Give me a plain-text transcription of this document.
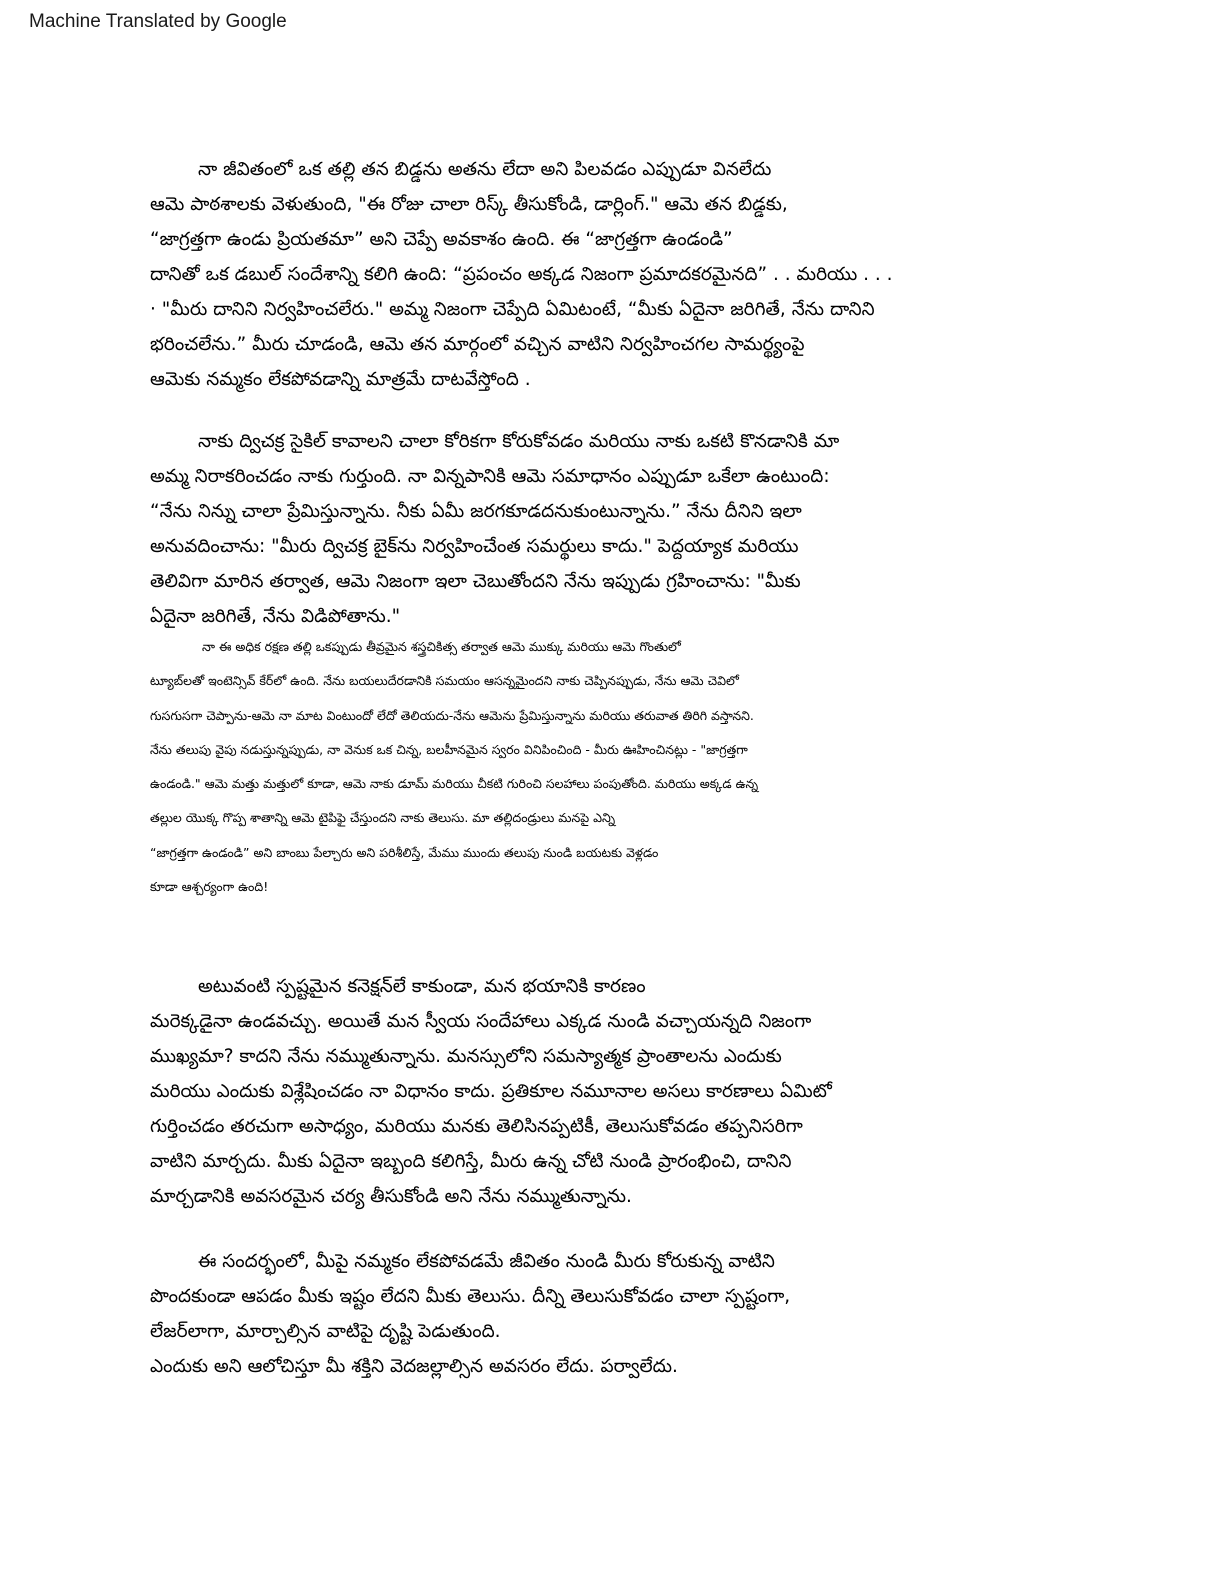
Machine Translated by Google
నా జీవితంలో ఒక తల్లి తన బిడ్డను అతను లేదా అని పిలవడం ఎప్పుడూ వినలేదు
ఆమె పాఠశాలకు వెళుతుంది, "ఈ రోజు చాలా రిస్క్ తీసుకోండి, డార్లింగ్." ఆమె తన బిడ్డకు,
“జాగ్రత్తగా ఉండు ప్రియతమా” అని చెప్పే అవకాశం ఉంది. ఈ “జాగ్రత్తగా ఉండండి”
దానితో ఒక డబుల్ సందేశాన్ని కలిగి ఉంది: “ప్రపంచం అక్కడ నిజంగా ప్రమాదకరమైనది” . . మరియు . . .
· "మీరు దానిని నిర్వహించలేరు." అమ్మ నిజంగా చెప్పేది ఏమిటంటే, “మీకు ఏదైనా జరిగితే, నేను దానిని
భరించలేను.” మీరు చూడండి, ఆమె తన మార్గంలో వచ్చిన వాటిని నిర్వహించగల సామర్థ్యంపై
ఆమెకు నమ్మకం లేకపోవడాన్ని మాత్రమే దాటవేస్తోంది .
నాకు ద్విచక్ర సైకిల్ కావాలని చాలా కోరికగా కోరుకోవడం మరియు నాకు ఒకటి కొనడానికి మా
అమ్మ నిరాకరించడం నాకు గుర్తుంది. నా విన్నపానికి ఆమె సమాధానం ఎప్పుడూ ఒకేలా ఉంటుంది:
“నేను నిన్ను చాలా ప్రేమిస్తున్నాను. నీకు ఏమీ జరగకూడదనుకుంటున్నాను.” నేను దీనిని ఇలా
అనువదించాను: "మీరు ద్విచక్ర బైక్‌ను నిర్వహించేంత సమర్థులు కాదు." పెద్దయ్యాక మరియు
తెలివిగా మారిన తర్వాత, ఆమె నిజంగా ఇలా చెబుతోందని నేను ఇప్పుడు గ్రహించాను: "మీకు
ఏదైనా జరిగితే, నేను విడిపోతాను."
నా ఈ అధిక రక్షణ తల్లి ఒకప్పుడు తీవ్రమైన శస్త్రచికిత్స తర్వాత ఆమె ముక్కు మరియు ఆమె గొంతులో
ట్యూబ్‌లతో ఇంటెన్సివ్ కేర్‌లో ఉంది. నేను బయలుదేరడానికి సమయం ఆసన్నమైందని నాకు చెప్పినప్పుడు, నేను ఆమె చెవిలో
గుసగుసగా చెప్పాను-ఆమె నా మాట వింటుందో లేదో తెలియదు-నేను ఆమెను ప్రేమిస్తున్నాను మరియు తరువాత తిరిగి వస్తానని.
నేను తలుపు వైపు నడుస్తున్నప్పుడు, నా వెనుక ఒక చిన్న, బలహీనమైన స్వరం వినిపించింది - మీరు ఊహించినట్లు - "జాగ్రత్తగా
ఉండండి." ఆమె మత్తు మత్తులో కూడా, ఆమె నాకు డూమ్ మరియు చీకటి గురించి సలహాలు పంపుతోంది. మరియు అక్కడ ఉన్న
తల్లుల యొక్క గొప్ప శాతాన్ని ఆమె టైపిఫై చేస్తుందని నాకు తెలుసు. మా తల్లిదండ్రులు మనపై ఎన్ని
“జాగ్రత్తగా ఉండండి” అని బాంబు పేల్చారు అని పరిశీలిస్తే, మేము ముందు తలుపు నుండి బయటకు వెళ్లడం
కూడా ఆశ్చర్యంగా ఉంది!
అటువంటి స్పష్టమైన కనెక్షన్‌లే కాకుండా, మన భయానికి కారణం
మరెక్కడైనా ఉండవచ్చు. అయితే మన స్వీయ సందేహాలు ఎక్కడ నుండి వచ్చాయన్నది నిజంగా
ముఖ్యమా? కాదని నేను నమ్ముతున్నాను. మనస్సులోని సమస్యాత్మక ప్రాంతాలను ఎందుకు
మరియు ఎందుకు విశ్లేషించడం నా విధానం కాదు. ప్రతికూల నమూనాల అసలు కారణాలు ఏమిటో
గుర్తించడం తరచుగా అసాధ్యం, మరియు మనకు తెలిసినప్పటికీ, తెలుసుకోవడం తప్పనిసరిగా
వాటిని మార్చదు. మీకు ఏదైనా ఇబ్బంది కలిగిస్తే, మీరు ఉన్న చోటి నుండి ప్రారంభించి, దానిని
మార్చడానికి అవసరమైన చర్య తీసుకోండి అని నేను నమ్ముతున్నాను.
ఈ సందర్భంలో, మీపై నమ్మకం లేకపోవడమే జీవితం నుండి మీరు కోరుకున్న వాటిని
పొందకుండా ఆపడం మీకు ఇష్టం లేదని మీకు తెలుసు. దీన్ని తెలుసుకోవడం చాలా స్పష్టంగా,
లేజర్‌లాగా, మార్చాల్సిన వాటిపై దృష్టి పెడుతుంది.
ఎందుకు అని ఆలోచిస్తూ మీ శక్తిని వెదజల్లాల్సిన అవసరం లేదు. పర్వాలేదు.
